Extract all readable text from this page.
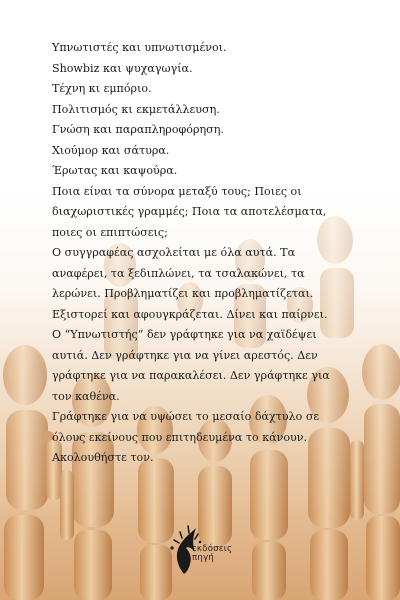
Υπνωτιστές και υπνωτισμένοι.
Showbiz και ψυχαγωγία.
Τέχνη κι εμπόριο.
Πολιτισμός κι εκμετάλλευση.
Γνώση και παραπληροφόρηση.
Χιούμορ και σάτυρα.
Έρωτας και καψούρα.

Ποια είναι τα σύνορα μεταξύ τους; Ποιες οι διαχωριστικές γραμμές; Ποια τα αποτελέσματα, ποιες οι επιπτώσεις;

Ο συγγραφέας ασχολείται με όλα αυτά. Τα αναφέρει, τα ξεδιπλώνει, τα τσαλακώνει, τα λερώνει. Προβληματίζει και προβληματίζεται. Εξιστορεί και αφουγκράζεται. Δίνει και παίρνει.

Ο “Υπνωτιστής” δεν γράφτηκε για να χαϊδέψει αυτιά. Δεν γράφτηκε για να γίνει αρεστός. Δεν γράφτηκε για να παρακαλέσει. Δεν γράφτηκε για τον καθένα.

Γράφτηκε για να υψώσει το μεσαίο δάχτυλο σε όλους εκείνους που επιτηδευμένα το κάνουν.

Ακολουθήστε τον.

εκδόσεις
πηγή
